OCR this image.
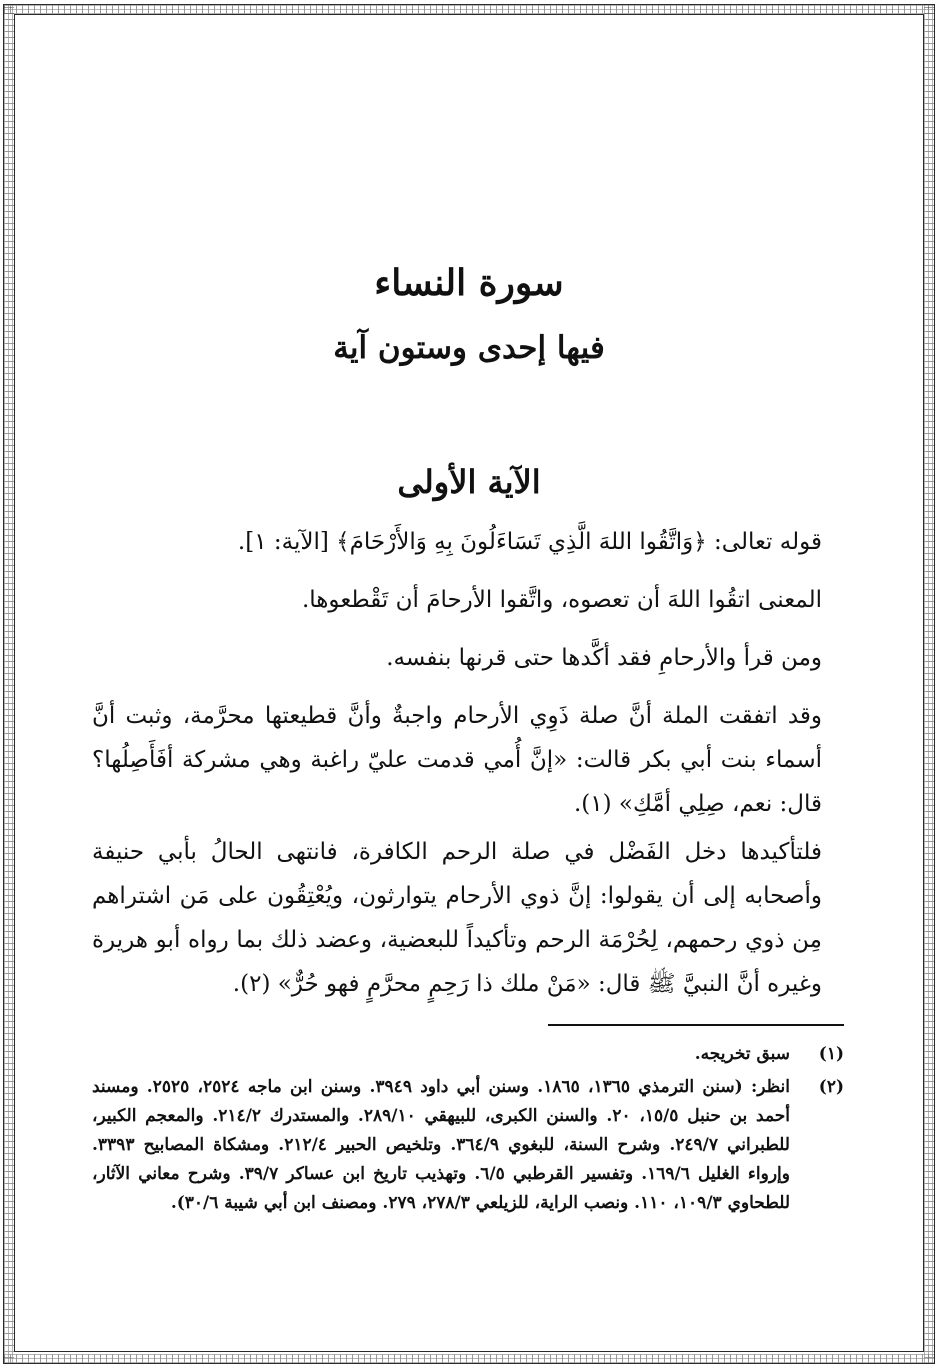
سورة النساء
فيها إحدى وستون آية
الآية الأولى

قوله تعالى: ﴿وَاتَّقُوا اللهَ الَّذِي تَسَاءَلُونَ بِهِ وَالأَرْحَامَ﴾ [الآية: ١].

المعنى اتقُوا اللهَ أن تعصوه، واتَّقوا الأرحامَ أن تَقْطعوها.

ومن قرأ والأرحامِ فقد أكَّدها حتى قرنها بنفسه.

وقد اتفقت الملة أنَّ صلة ذَوِي الأرحام واجبةٌ وأنَّ قطيعتها محرَّمة، وثبت أنَّ أسماء بنت أبي بكر قالت: «إنَّ أُمي قدمت عليّ راغبة وهي مشركة أفَأَصِلُها؟ قال: نعم، صِلِي أمَّكِ» (١).

فلتأكيدها دخل الفَضْل في صلة الرحم الكافرة، فانتهى الحالُ بأبي حنيفة وأصحابه إلى أن يقولوا: إنَّ ذوي الأرحام يتوارثون، ويُعْتِقُون على مَن اشتراهم مِن ذوي رحمهم، لِحُرْمَة الرحم وتأكيداً للبعضية، وعضد ذلك بما رواه أبو هريرة وغيره أنَّ النبيَّ ﷺ قال: «مَنْ ملك ذا رَحِمٍ محرَّمٍ فهو حُرٌّ» (٢).

(١)
سبق تخريجه.
(٢)
انظر: (سنن الترمذي ١٣٦٥، ١٨٦٥. وسنن أبي داود ٣٩٤٩. وسنن ابن ماجه ٢٥٢٤، ٢٥٢٥. ومسند أحمد بن حنبل ١٥/٥، ٢٠. والسنن الكبرى، للبيهقي ٢٨٩/١٠. والمستدرك ٢١٤/٢. والمعجم الكبير، للطبراني ٢٤٩/٧. وشرح السنة، للبغوي ٣٦٤/٩. وتلخيص الحبير ٢١٢/٤. ومشكاة المصابيح ٣٣٩٣. وإرواء الغليل ١٦٩/٦. وتفسير القرطبي ٦/٥. وتهذيب تاريخ ابن عساكر ٣٩/٧. وشرح معاني الآثار، للطحاوي ١٠٩/٣، ١١٠. ونصب الراية، للزيلعي ٢٧٨/٣، ٢٧٩. ومصنف ابن أبي شيبة ٣٠/٦).
